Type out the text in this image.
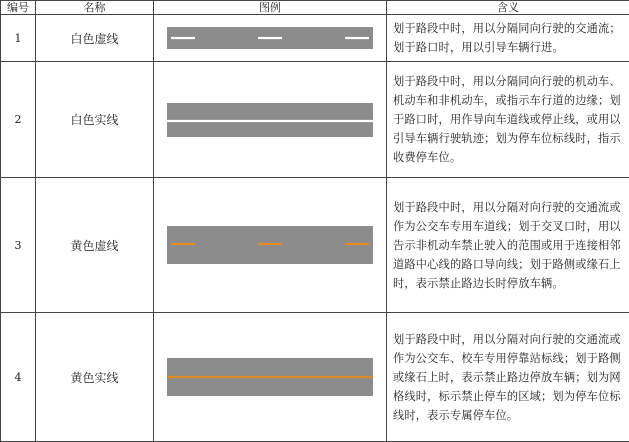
编号	名称	图例	含义
1	白色虚线		划于路段中时，用以分隔同向行驶的交通流；划于路口时，用以引导车辆行进。
2	白色实线		划于路段中时，用以分隔同向行驶的机动车、机动车和非机动车，或指示车行道的边缘；划于路口时，用作导向车道线或停止线，或用以引导车辆行驶轨迹；划为停车位标线时，指示收费停车位。
3	黄色虚线		划于路段中时，用以分隔对向行驶的交通流或作为公交车专用车道线；划于交叉口时，用以告示非机动车禁止驶入的范围或用于连接相邻道路中心线的路口导向线；划于路侧或缘石上时，表示禁止路边长时停放车辆。
4	黄色实线		划于路段中时，用以分隔对向行驶的交通流或作为公交车、校车专用停靠站标线；划于路侧或缘石上时，表示禁止路边停放车辆；划为网格线时，标示禁止停车的区域；划为停车位标线时，表示专属停车位。
